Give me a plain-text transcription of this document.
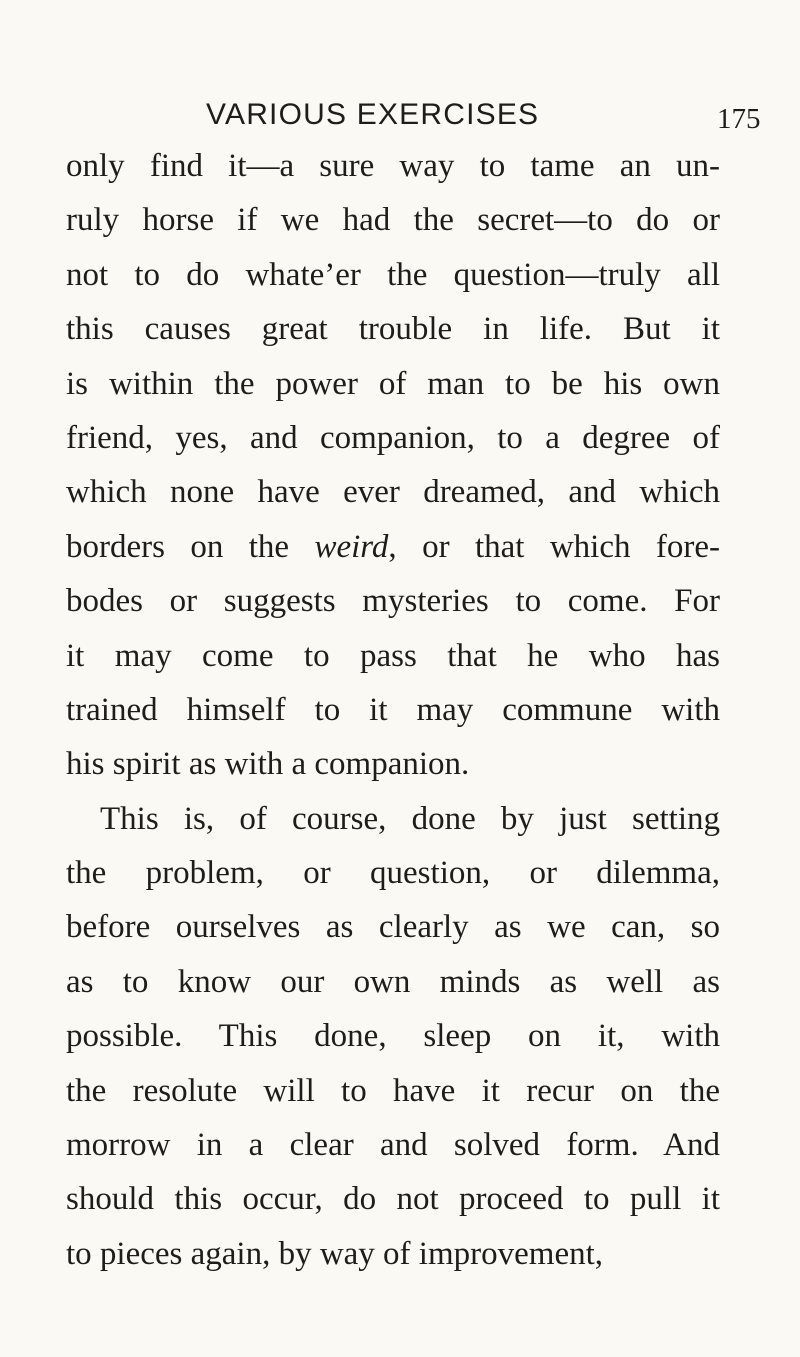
VARIOUS EXERCISES	175
only find it—a sure way to tame an un-
ruly horse if we had the secret—to do or
not to do whate’er the question—truly all
this causes great trouble in life. But it
is within the power of man to be his own
friend, yes, and companion, to a degree of
which none have ever dreamed, and which
borders on the weird, or that which fore-
bodes or suggests mysteries to come. For
it may come to pass that he who has
trained himself to it may commune with
his spirit as with a companion.
This is, of course, done by just setting
the problem, or question, or dilemma,
before ourselves as clearly as we can, so
as to know our own minds as well as
possible. This done, sleep on it, with
the resolute will to have it recur on the
morrow in a clear and solved form. And
should this occur, do not proceed to pull it
to pieces again, by way of improvement,
